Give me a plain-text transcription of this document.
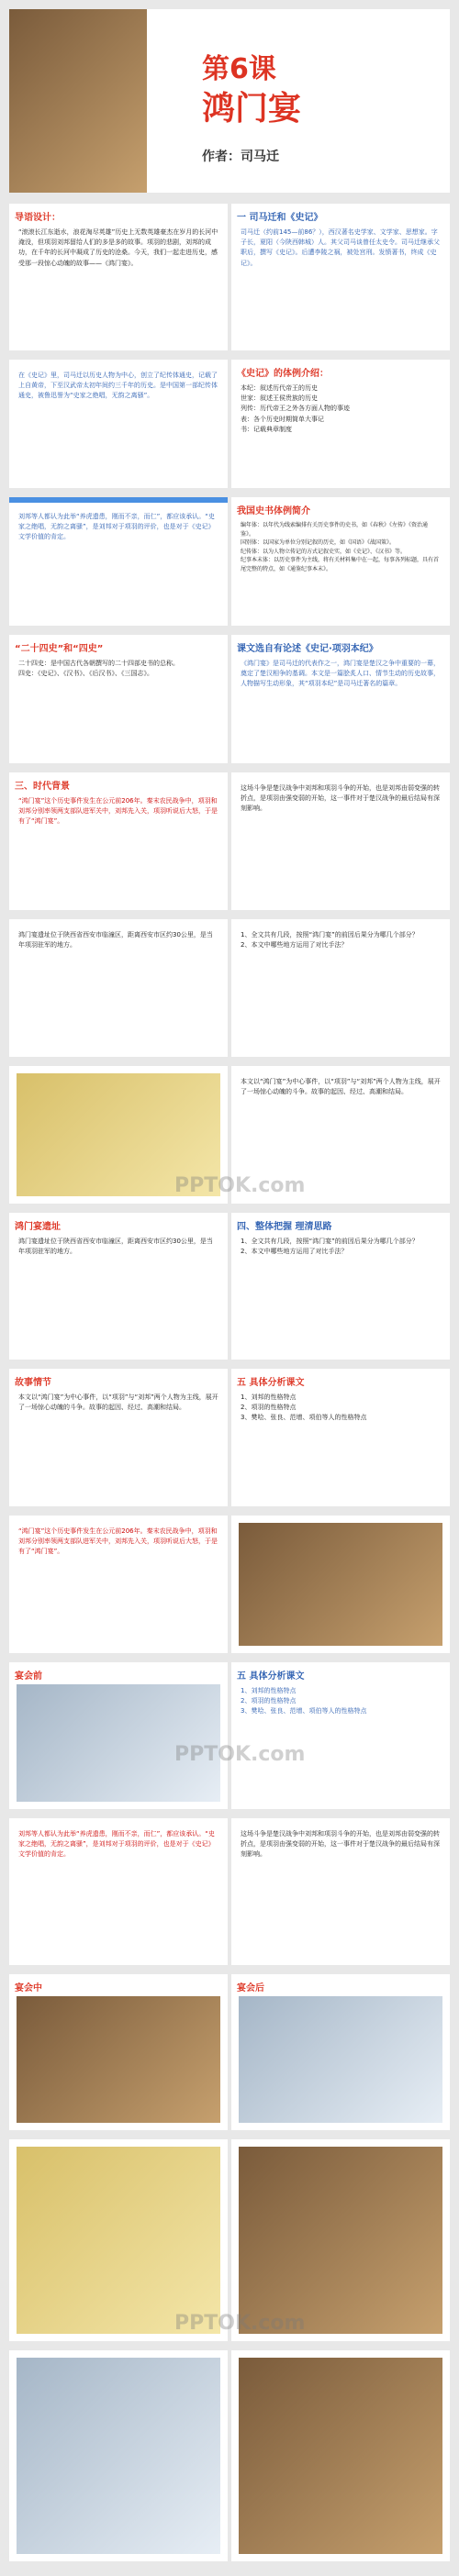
第6课
鸿门宴
作者：司马迁
导语设计：
“滚滚长江东逝水，浪花淘尽英雄”历史上无数英雄豪杰在岁月的长河中淹没，但项羽刘邦留给人们的多是多的故事。项羽的悲剧，刘邦的成功，在千年的长河中凝成了历史的沧桑。今天，我们一起走进历史，感受那一段惊心动魄的故事——《鸿门宴》。
一 司马迁和《史记》
司马迁（约前145—前86？），西汉著名史学家、文学家、思想家。字子长，夏阳（今陕西韩城）人。其父司马谈曾任太史令。司马迁继承父职后，撰写《史记》。后遭李陵之祸，被处宫刑。发愤著书，终成《史记》。
在《史记》里，司马迁以历史人物为中心，创立了纪传体通史，记载了上自黄帝，下至汉武帝太初年间约三千年的历史。是中国第一部纪传体通史，被鲁迅誉为“史家之绝唱，无韵之离骚”。
《史记》的体例介绍：
本纪：叙述历代帝王的历史
世家：叙述王侯贵族的历史
列传：历代帝王之外各方面人物的事迹
表：各个历史时期简单大事记
书：记载典章制度
刘邦等人都认为此举“养虎遗患，刚而不亲，而仁”，都应该承认。“史家之绝唱，无韵之离骚”，是刘邦对于项羽的评价，也是对于《史记》文学价值的肯定。
我国史书体例简介
编年体：以年代为线索编排有关历史事件的史书，如《春秋》《左传》《资治通鉴》。
国别体：以国家为单位分别记叙的历史，如《国语》《战国策》。
纪传体：以为人物立传记的方式记叙史实，如《史记》、《汉书》等。
纪事本末体：以历史事件为主线，将有关材料集中在一起，每事各列标题，具有首尾完整的特点，如《通鉴纪事本末》。
“二十四史”和“四史”
二十四史：是中国古代各朝撰写的二十四部史书的总称。
四史：《史记》、《汉书》、《后汉书》、《三国志》。
课文选自有论述《史记·项羽本纪》
《鸿门宴》是司马迁的代表作之一，鸿门宴是楚汉之争中重要的一幕，奠定了楚汉相争的基调。本文是一篇脍炙人口、情节生动的历史故事，人物描写生动形象，其“项羽本纪”是司马迁著名的篇章。
三、时代背景
“鸿门宴”这个历史事件发生在公元前206年。秦末农民战争中，项羽和刘邦分别率领两支部队进军关中，刘邦先入关，项羽听说后大怒，于是有了“鸿门宴”。
这场斗争是楚汉战争中刘邦和项羽斗争的开始，也是刘邦由弱变强的转折点，是项羽由强变弱的开始，这一事件对于楚汉战争的最后结局有深刻影响。
鸿门宴遗址位于陕西省西安市临潼区，距离西安市区约30公里，是当年项羽驻军的地方。
1、全文共有几段，按照“鸿门宴”的前因后果分为哪几个部分？
2、本文中哪些地方运用了对比手法？
本文以“鸿门宴”为中心事件，以“项羽”与“刘邦”两个人物为主线，展开了一场惊心动魄的斗争。故事的起因、经过、高潮和结局。
鸿门宴遗址
鸿门宴遗址位于陕西省西安市临潼区，距离西安市区约30公里，是当年项羽驻军的地方。
四、整体把握 理清思路
1、全文共有几段，按照“鸿门宴”的前因后果分为哪几个部分？
2、本文中哪些地方运用了对比手法？
故事情节
本文以“鸿门宴”为中心事件，以“项羽”与“刘邦”两个人物为主线，展开了一场惊心动魄的斗争。故事的起因、经过、高潮和结局。
五 具体分析课文
1、刘邦的性格特点
2、项羽的性格特点
3、樊哙、张良、范增、项伯等人的性格特点
“鸿门宴”这个历史事件发生在公元前206年。秦末农民战争中，项羽和刘邦分别率领两支部队进军关中，刘邦先入关，项羽听说后大怒，于是有了“鸿门宴”。
宴会前	五 具体分析课文
1、刘邦的性格特点
2、项羽的性格特点
3、樊哙、张良、范增、项伯等人的性格特点
刘邦等人都认为此举“养虎遗患，刚而不亲，而仁”，都应该承认。“史家之绝唱，无韵之离骚”，是刘邦对于项羽的评价，也是对于《史记》文学价值的肯定。
这场斗争是楚汉战争中刘邦和项羽斗争的开始，也是刘邦由弱变强的转折点，是项羽由强变弱的开始，这一事件对于楚汉战争的最后结局有深刻影响。
宴会中	宴会后
PPTOK.com
PPTOK.com
PPTOK.com
